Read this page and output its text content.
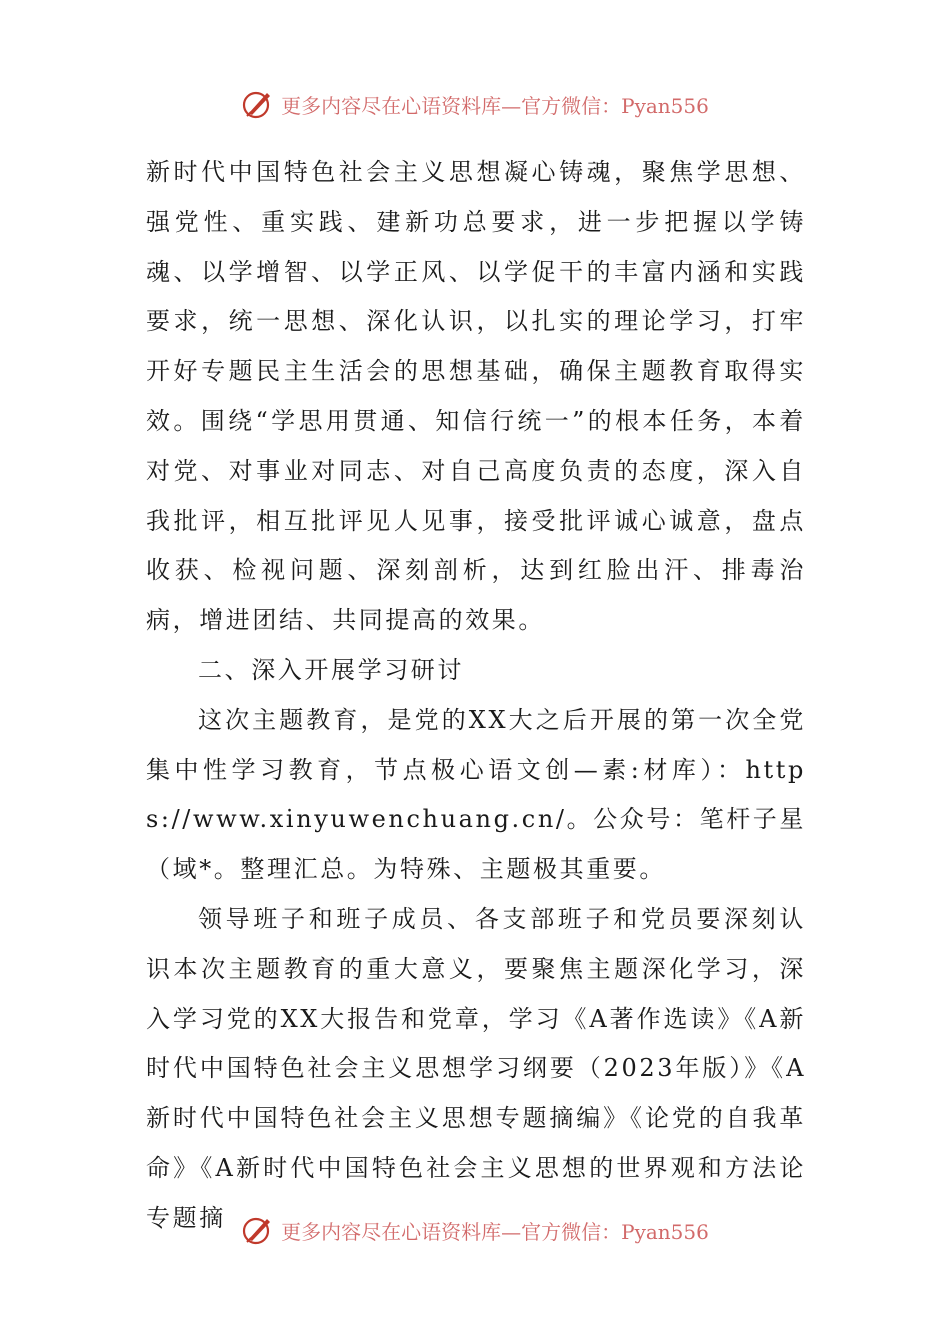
更多内容尽在心语资料库—官方微信：Pyan556

新时代中国特色社会主义思想凝心铸魂，聚焦学思想、强党性、重实践、建新功总要求，进一步把握以学铸魂、以学增智、以学正风、以学促干的丰富内涵和实践要求，统一思想、深化认识，以扎实的理论学习，打牢开好专题民主生活会的思想基础，确保主题教育取得实效。围绕“学思用贯通、知信行统一”的根本任务，本着对党、对事业对同志、对自己高度负责的态度，深入自我批评，相互批评见人见事，接受批评诚心诚意，盘点收获、检视问题、深刻剖析，达到红脸出汗、排毒治病，增进团结、共同提高的效果。

二、深入开展学习研讨

这次主题教育，是党的XX大之后开展的第一次全党集中性学习教育，节点极心语文创—素:材库）：https://www.xinyuwenchuang.cn/。公众号：笔杆子星（域*。整理汇总。为特殊、主题极其重要。

领导班子和班子成员、各支部班子和党员要深刻认识本次主题教育的重大意义，要聚焦主题深化学习，深入学习党的XX大报告和党章，学习《A著作选读》《A新时代中国特色社会主义思想学习纲要（2023年版）》《A新时代中国特色社会主义思想专题摘编》《论党的自我革命》《A新时代中国特色社会主义思想的世界观和方法论专题摘	更多内容尽在心语资料库—官方微信：Pyan556
